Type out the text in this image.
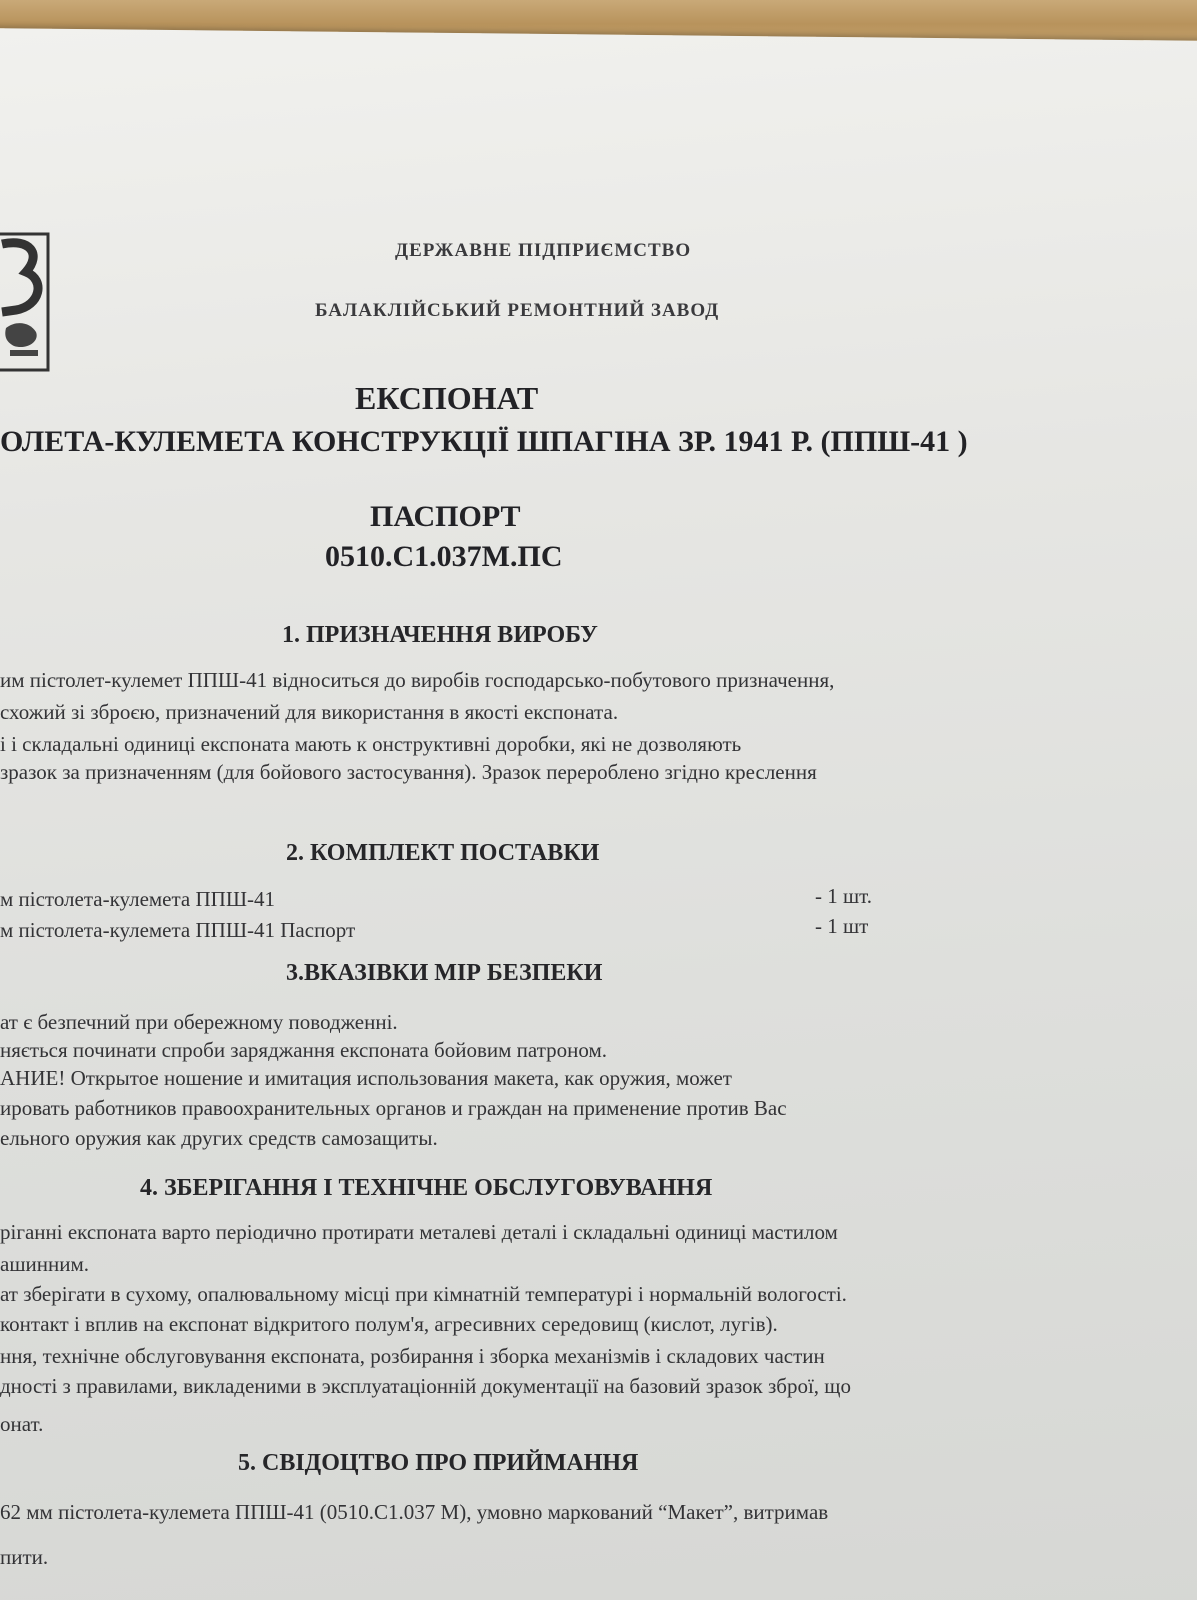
ДЕРЖАВНЕ ПІДПРИЄМСТВО
БАЛАКЛІЙСЬКИЙ РЕМОНТНИЙ ЗАВОД
ЕКСПОНАТ
ОЛЕТА-КУЛЕМЕТА КОНСТРУКЦІЇ ШПАГІНА ЗР. 1941 Р. (ППШ-41 )
ПАСПОРТ
0510.С1.037М.ПС
1. ПРИЗНАЧЕННЯ ВИРОБУ
им пістолет-кулемет ППШ-41 відноситься до виробів господарсько-побутового призначення,
схожий зі зброєю, призначений для використання в якості експоната.
і і складальні одиниці експоната мають к онструктивні доробки, які не дозволяють
зразок за призначенням (для бойового застосування). Зразок перероблено згідно креслення
2. КОМПЛЕКТ ПОСТАВКИ
м пістолета-кулемета ППШ-41	- 1 шт.
м пістолета-кулемета ППШ-41 Паспорт	- 1 шт
3.ВКАЗІВКИ МІР БЕЗПЕКИ
ат є безпечний при обережному поводженні.
няється починати спроби заряджання експоната бойовим патроном.
АНИЕ! Открытое ношение и имитация использования макета, как оружия, может
ировать работников правоохранительных органов и граждан на применение против Вас
ельного оружия как других средств самозащиты.
4. ЗБЕРІГАННЯ І ТЕХНІЧНЕ ОБСЛУГОВУВАННЯ
ріганні експоната варто періодично протирати металеві деталі і складальні одиниці мастилом
ашинним.
ат зберігати в сухому, опалювальному місці при кімнатній температурі і нормальній вологості.
контакт і вплив на експонат відкритого полум'я, агресивних середовищ (кислот, лугів).
ння, технічне обслуговування експоната, розбирання і зборка механізмів і складових частин
дності з правилами, викладеними в эксплуатаціонній документації на базовий зразок зброї, що
онат.
5. СВІДОЦТВО ПРО ПРИЙМАННЯ
62 мм пістолета-кулемета ППШ-41 (0510.С1.037 М), умовно маркований “Макет”, витримав
пити.
